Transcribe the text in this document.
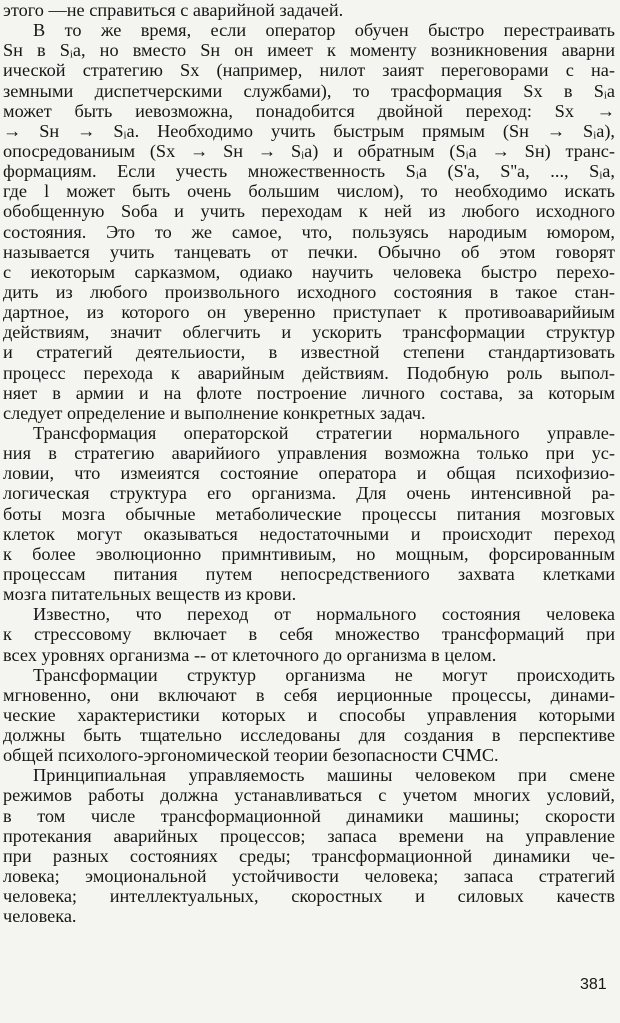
этого —не справиться с аварийной задачей.
В то же время, если оператор обучен быстро перестраивать
Sн в Sᵢа, но вместо Sн он имеет к моменту возникновения аварни
ической стратегию Sх (например, нилот заият переговорами с на-
земными диспетчерскими службами), то трасформация Sх в Sᵢа
может быть иевозможна, понадобится двойной переход: Sх →
→ Sн → Sᵢа. Необходимо учить быстрым прямым (Sн → Sᵢа),
опосредованиым (Sх → Sн → Sᵢа) и обратным (Sᵢа → Sн) транс-
формациям. Если учесть множественность Sᵢа (S'а, S''а, ..., Sᵢа,
где l может быть очень большим числом), то необходимо искать
обобщенную Sоба и учить переходам к ней из любого исходного
состояния. Это то же самое, что, пользуясь народиым юмором,
называется учить танцевать от печки. Обычно об этом говорят
с иекоторым сарказмом, одиако научить человека быстро перехо-
дить из любого произвольного исходного состояния в такое стан-
дартное, из которого он уверенно приступает к противоаварийиым
действиям, значит облегчить и ускорить трансформации структур
и стратегий деятельиости, в известной степени стандартизовать
процесс перехода к аварийным действиям. Подобную роль выпол-
няет в армии и на флоте построение личного состава, за которым
следует определение и выполнение конкретных задач.
Трансформация операторской стратегии нормального управле-
ния в стратегию аварийиого управления возможна только при ус-
ловии, что измеиятся состояние оператора и общая психофизио-
логическая структура его организма. Для очень интенсивной ра-
боты мозга обычные метаболические процессы питания мозговых
клеток могут оказываться недостаточными и происходит переход
к более эволюционно примнтивиым, но мощным, форсированным
процессам питания путем непосредствениого захвата клетками
мозга питательных веществ из крови.
Известно, что переход от нормального состояния человека
к стрессовому включает в себя множество трансформаций при
всех уровнях организма -- от клеточного до организма в целом.
Трансформации структур организма не могут происходить
мгновенно, они включают в себя иерционные процессы, динами-
ческие характеристики которых и способы управления которыми
должны быть тщательно исследованы для создания в перспективе
общей психолого-эргономической теории безопасности СЧМС.
Принципиальная управляемость машины человеком при смене
режимов работы должна устанавливаться с учетом многих условий,
в том числе трансформационной динамики машины; скорости
протекания аварийных процессов; запаса времени на управление
при разных состояниях среды; трансформационной динамики че-
ловека; эмоциональной устойчивости человека; запаса стратегий
человека; интеллектуальных, скоростных и силовых качеств
человека.
381
